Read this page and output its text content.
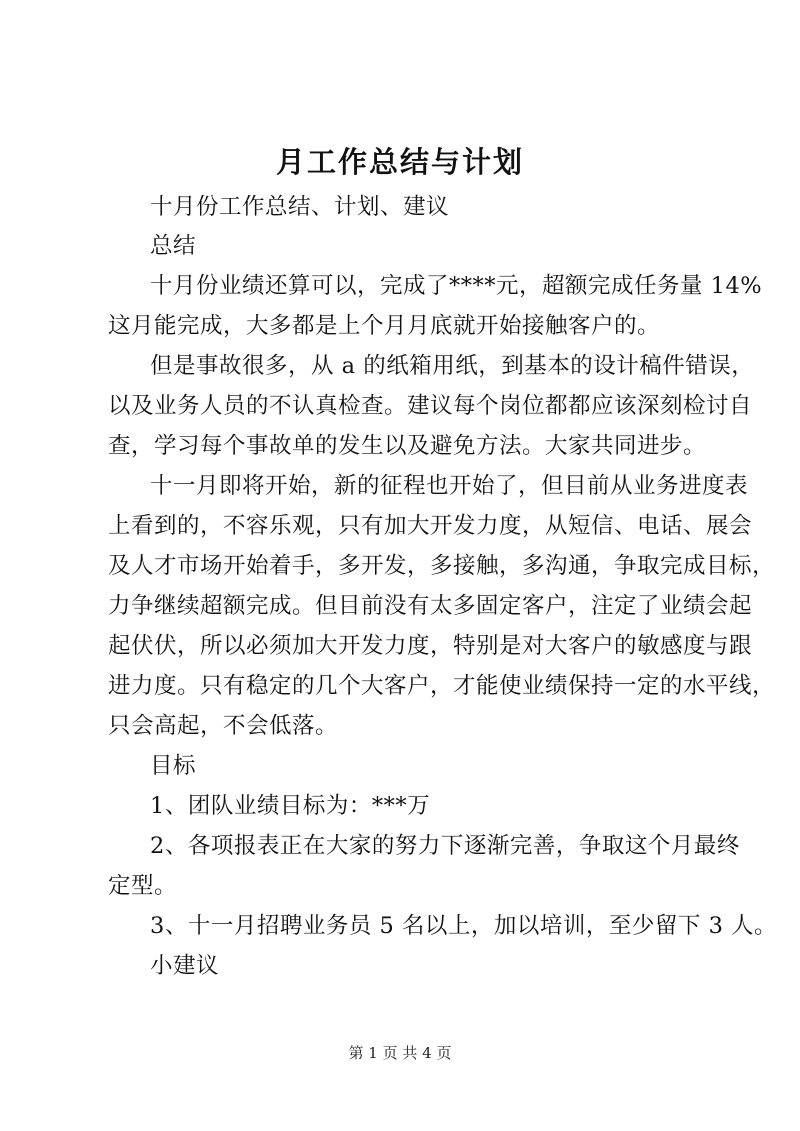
月工作总结与计划
十月份工作总结、计划、建议
总结
十月份业绩还算可以，完成了****元，超额完成任务量 14%
这月能完成，大多都是上个月月底就开始接触客户的。
但是事故很多，从 a 的纸箱用纸，到基本的设计稿件错误，
以及业务人员的不认真检查。建议每个岗位都都应该深刻检讨自
查，学习每个事故单的发生以及避免方法。大家共同进步。
十一月即将开始，新的征程也开始了，但目前从业务进度表
上看到的，不容乐观，只有加大开发力度，从短信、电话、展会
及人才市场开始着手，多开发，多接触，多沟通，争取完成目标，
力争继续超额完成。但目前没有太多固定客户，注定了业绩会起
起伏伏，所以必须加大开发力度，特别是对大客户的敏感度与跟
进力度。只有稳定的几个大客户，才能使业绩保持一定的水平线，
只会高起，不会低落。
目标
1、团队业绩目标为：***万
2、各项报表正在大家的努力下逐渐完善，争取这个月最终
定型。
3、十一月招聘业务员 5 名以上，加以培训，至少留下 3 人。
小建议
第 1 页 共 4 页
